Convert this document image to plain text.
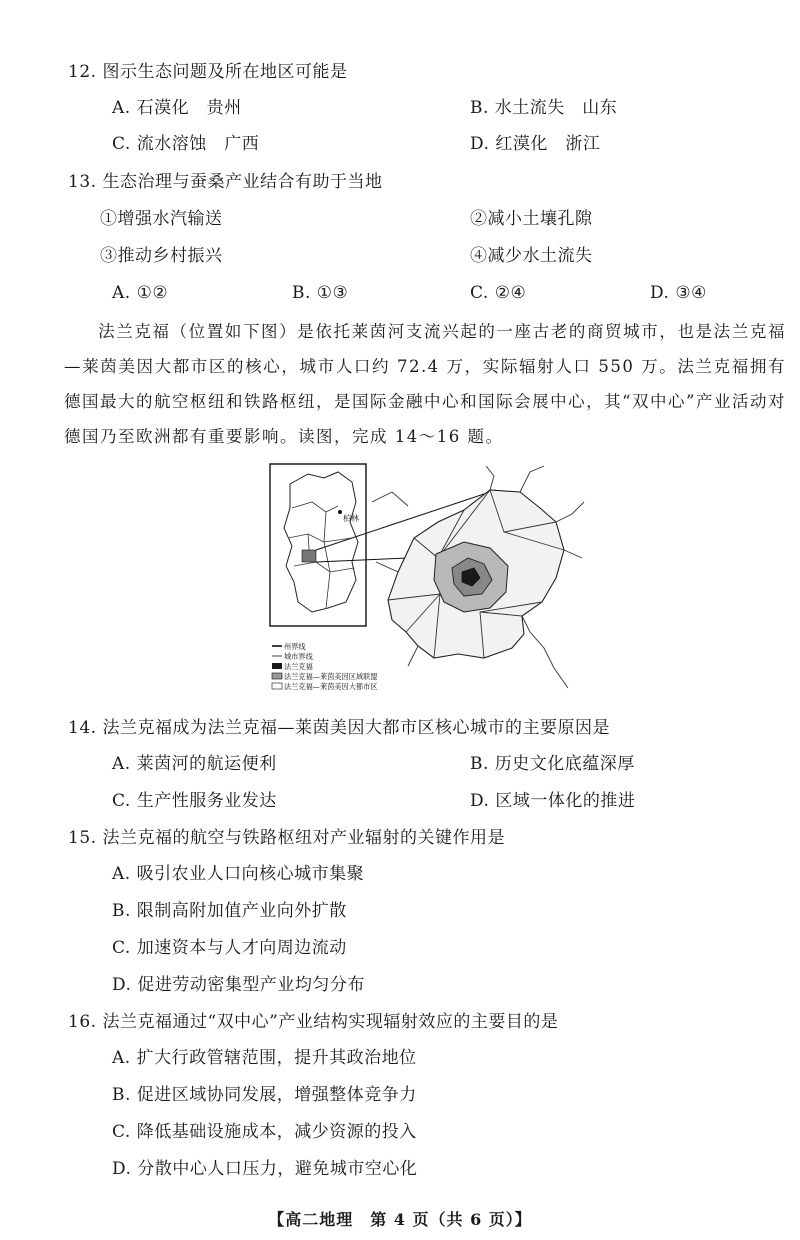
12. 图示生态问题及所在地区可能是
A. 石漠化　贵州	B. 水土流失　山东
C. 流水溶蚀　广西	D. 红漠化　浙江
13. 生态治理与蚕桑产业结合有助于当地
①增强水汽输送	②减小土壤孔隙
③推动乡村振兴	④减少水土流失
A. ①②	B. ①③	C. ②④	D. ③④
法兰克福（位置如下图）是依托莱茵河支流兴起的一座古老的商贸城市，也是法兰克福—莱茵美因大都市区的核心，城市人口约 72.4 万，实际辐射人口 550 万。法兰克福拥有德国最大的航空枢纽和铁路枢纽，是国际金融中心和国际会展中心，其“双中心”产业活动对德国乃至欧洲都有重要影响。读图，完成 14～16 题。
柏林
州界线
城市界线
法兰克福
法兰克福—莱茵美因区域联盟
法兰克福—莱茵美因大都市区
14. 法兰克福成为法兰克福—莱茵美因大都市区核心城市的主要原因是
A. 莱茵河的航运便利	B. 历史文化底蕴深厚
C. 生产性服务业发达	D. 区域一体化的推进
15. 法兰克福的航空与铁路枢纽对产业辐射的关键作用是
A. 吸引农业人口向核心城市集聚
B. 限制高附加值产业向外扩散
C. 加速资本与人才向周边流动
D. 促进劳动密集型产业均匀分布
16. 法兰克福通过“双中心”产业结构实现辐射效应的主要目的是
A. 扩大行政管辖范围，提升其政治地位
B. 促进区域协同发展，增强整体竞争力
C. 降低基础设施成本，减少资源的投入
D. 分散中心人口压力，避免城市空心化
【高二地理　第 4 页（共 6 页）】
